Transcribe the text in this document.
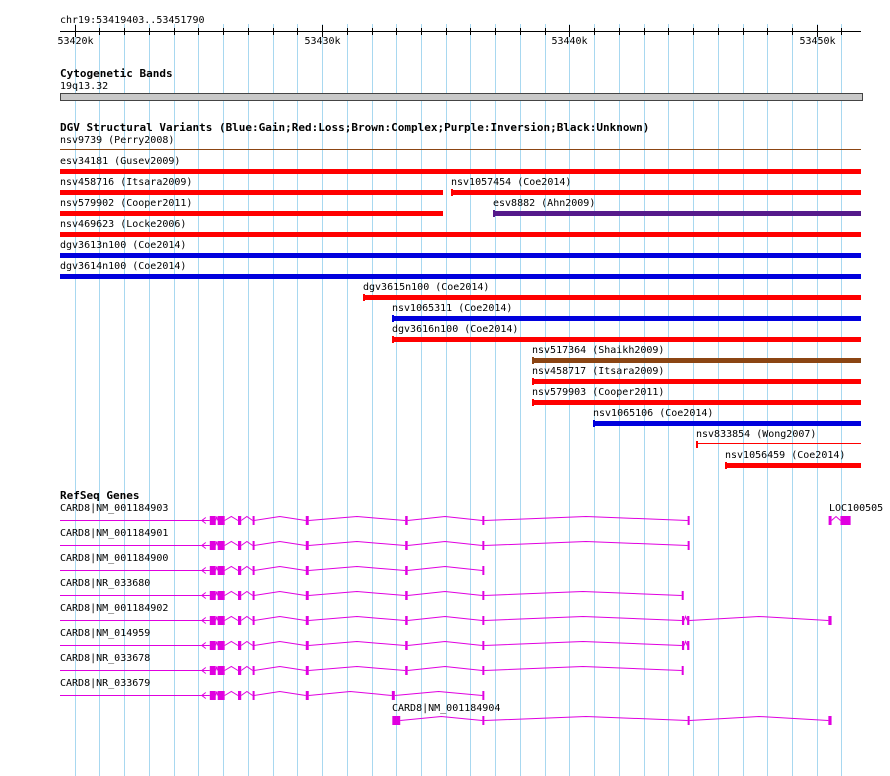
chr19:53419403..53451790
53420k	53430k	53440k	53450k
Cytogenetic Bands
19q13.32
DGV Structural Variants (Blue:Gain;Red:Loss;Brown:Complex;Purple:Inversion;Black:Unknown)
nsv9739 (Perry2008)
esv34181 (Gusev2009)
nsv458716 (Itsara2009)	nsv1057454 (Coe2014)
nsv579902 (Cooper2011)	esv8882 (Ahn2009)
nsv469623 (Locke2006)
dgv3613n100 (Coe2014)
dgv3614n100 (Coe2014)
dgv3615n100 (Coe2014)
nsv1065311 (Coe2014)
dgv3616n100 (Coe2014)
nsv517364 (Shaikh2009)
nsv458717 (Itsara2009)
nsv579903 (Cooper2011)
nsv1065106 (Coe2014)
nsv833854 (Wong2007)
nsv1056459 (Coe2014)
RefSeq Genes
CARD8|NM_001184903
CARD8|NM_001184901
CARD8|NM_001184900
CARD8|NR_033680
CARD8|NM_001184902
CARD8|NM_014959
CARD8|NR_033678
CARD8|NR_033679
CARD8|NM_001184904
LOC100505
